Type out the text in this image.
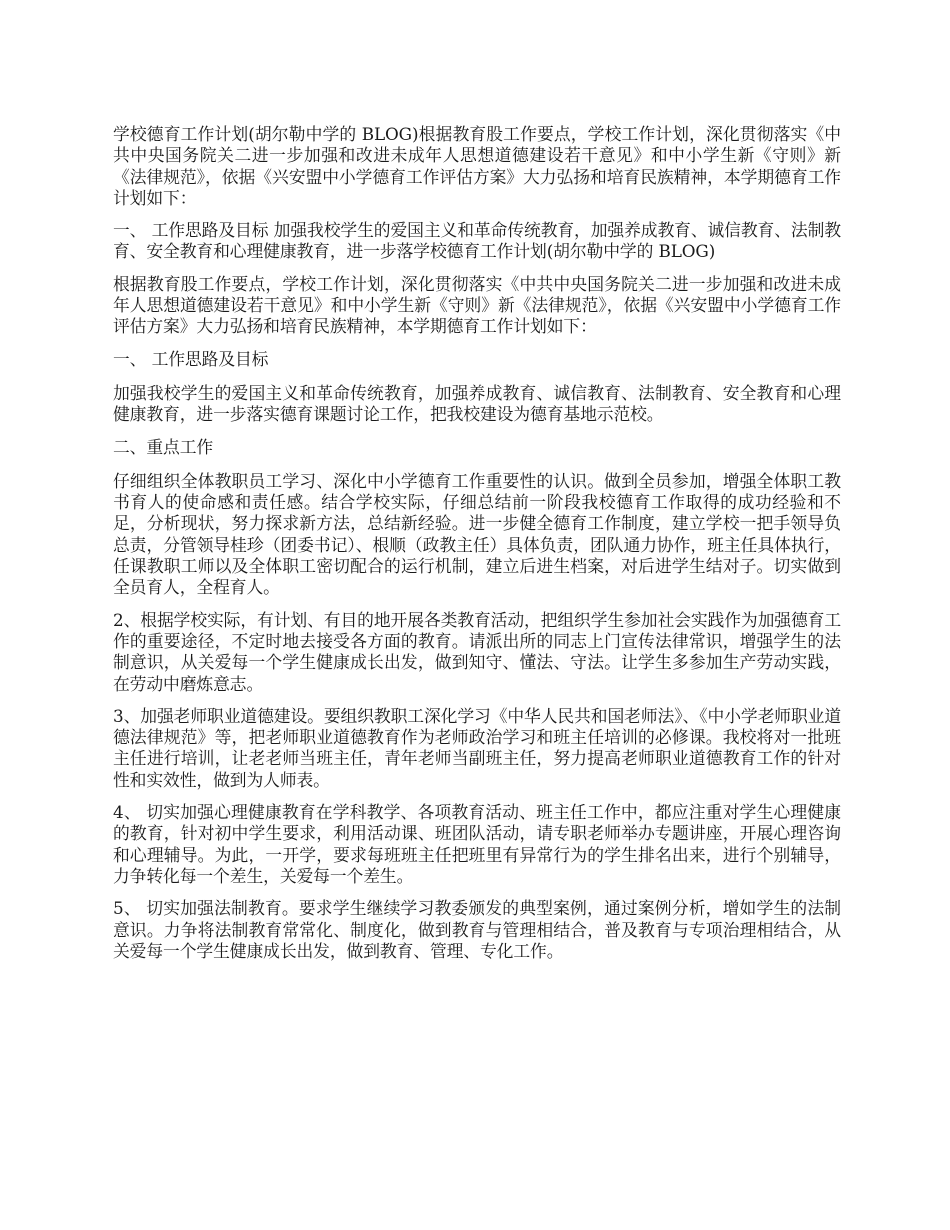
学校德育工作计划(胡尔勒中学的 BLOG)根据教育股工作要点，学校工作计划，深化贯彻落实《中共中央国务院关二进一步加强和改进未成年人思想道德建设若干意见》和中小学生新《守则》新《法律规范》，依据《兴安盟中小学德育工作评估方案》大力弘扬和培育民族精神，本学期德育工作计划如下：

一、 工作思路及目标 加强我校学生的爱国主义和革命传统教育，加强养成教育、诚信教育、法制教育、安全教育和心理健康教育，进一步落学校德育工作计划(胡尔勒中学的 BLOG)

根据教育股工作要点，学校工作计划，深化贯彻落实《中共中央国务院关二进一步加强和改进未成年人思想道德建设若干意见》和中小学生新《守则》新《法律规范》，依据《兴安盟中小学德育工作评估方案》大力弘扬和培育民族精神，本学期德育工作计划如下：

一、 工作思路及目标

加强我校学生的爱国主义和革命传统教育，加强养成教育、诚信教育、法制教育、安全教育和心理健康教育，进一步落实德育课题讨论工作，把我校建设为德育基地示范校。

二、重点工作

仔细组织全体教职员工学习、深化中小学德育工作重要性的认识。做到全员参加，增强全体职工教书育人的使命感和责任感。结合学校实际，仔细总结前一阶段我校德育工作取得的成功经验和不足，分析现状，努力探求新方法，总结新经验。进一步健全德育工作制度，建立学校一把手领导负总责，分管领导桂珍（团委书记）、根顺（政教主任）具体负责，团队通力协作，班主任具体执行，任课教职工师以及全体职工密切配合的运行机制，建立后进生档案，对后进学生结对子。切实做到全员育人，全程育人。

2、根据学校实际，有计划、有目的地开展各类教育活动，把组织学生参加社会实践作为加强德育工作的重要途径，不定时地去接受各方面的教育。请派出所的同志上门宣传法律常识，增强学生的法制意识，从关爱每一个学生健康成长出发，做到知守、懂法、守法。让学生多参加生产劳动实践，在劳动中磨炼意志。

3、加强老师职业道德建设。要组织教职工深化学习《中华人民共和国老师法》、《中小学老师职业道德法律规范》等，把老师职业道德教育作为老师政治学习和班主任培训的必修课。我校将对一批班主任进行培训，让老老师当班主任，青年老师当副班主任，努力提高老师职业道德教育工作的针对性和实效性，做到为人师表。

4、 切实加强心理健康教育在学科教学、各项教育活动、班主任工作中，都应注重对学生心理健康的教育，针对初中学生要求，利用活动课、班团队活动，请专职老师举办专题讲座，开展心理咨询和心理辅导。为此，一开学，要求每班班主任把班里有异常行为的学生排名出来，进行个别辅导，力争转化每一个差生，关爱每一个差生。

5、 切实加强法制教育。要求学生继续学习教委颁发的典型案例，通过案例分析，增如学生的法制意识。力争将法制教育常常化、制度化，做到教育与管理相结合，普及教育与专项治理相结合，从关爱每一个学生健康成长出发，做到教育、管理、专化工作。
